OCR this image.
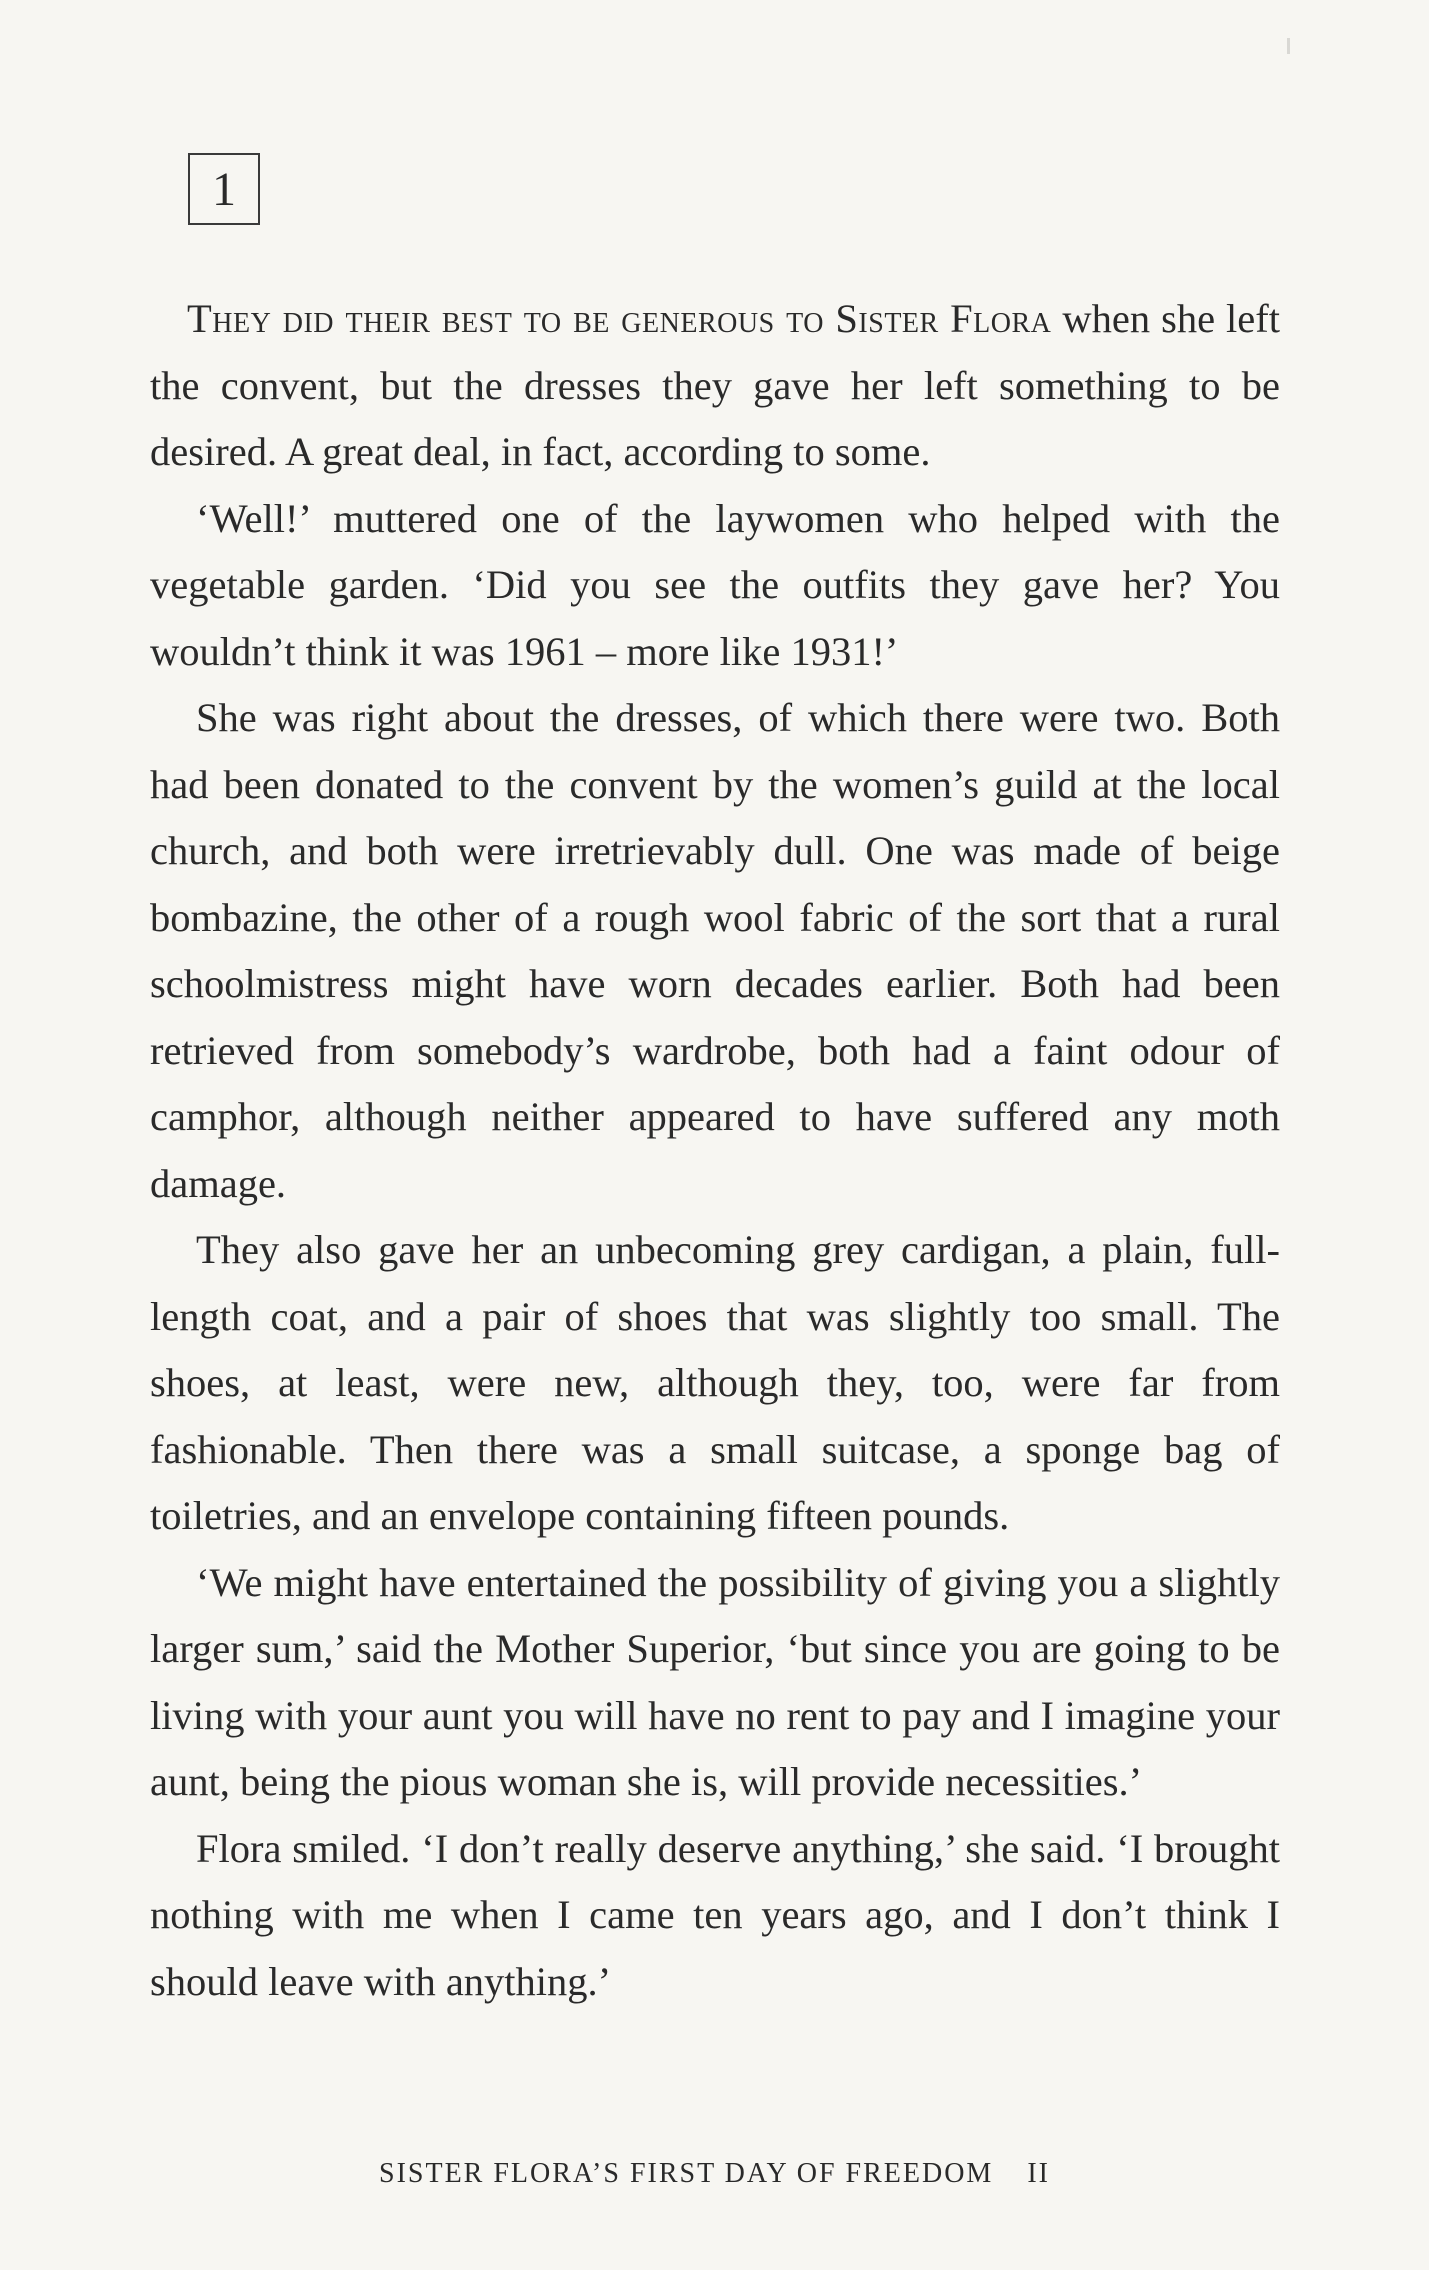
1

They did their best to be generous to Sister Flora when she left the convent, but the dresses they gave her left something to be desired. A great deal, in fact, according to some.

‘Well!’ muttered one of the laywomen who helped with the vegetable garden. ‘Did you see the outfits they gave her? You wouldn’t think it was 1961 – more like 1931!’

She was right about the dresses, of which there were two. Both had been donated to the convent by the women’s guild at the local church, and both were irretrievably dull. One was made of beige bombazine, the other of a rough wool fabric of the sort that a rural schoolmistress might have worn decades earlier. Both had been retrieved from somebody’s wardrobe, both had a faint odour of camphor, although neither appeared to have suffered any moth damage.

They also gave her an unbecoming grey cardigan, a plain, full-length coat, and a pair of shoes that was slightly too small. The shoes, at least, were new, although they, too, were far from fashionable. Then there was a small suitcase, a sponge bag of toiletries, and an envelope containing fifteen pounds.

‘We might have entertained the possibility of giving you a slightly larger sum,’ said the Mother Superior, ‘but since you are going to be living with your aunt you will have no rent to pay and I imagine your aunt, being the pious woman she is, will provide necessities.’

Flora smiled. ‘I don’t really deserve anything,’ she said. ‘I brought nothing with me when I came ten years ago, and I don’t think I should leave with anything.’

SISTER FLORA’S FIRST DAY OF FREEDOM II
